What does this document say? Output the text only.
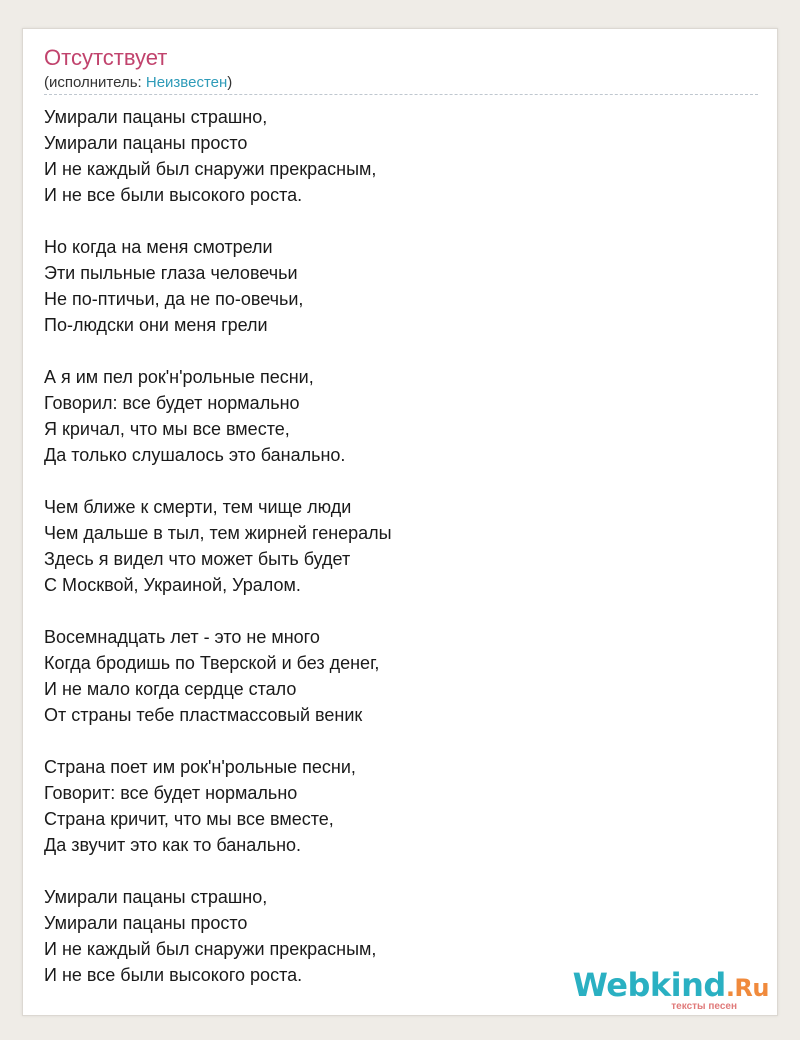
Отсутствует
(исполнитель: Неизвестен)
Умирали пацаны страшно,
Умирали пацаны просто
И не каждый был снаружи прекрасным,
И не все были высокого роста.
Но когда на меня смотрели
Эти пыльные глаза человечьи
Не по-птичьи, да не по-овечьи,
По-людски они меня грели
А я им пел рок'н'рольные песни,
Говорил: все будет нормально
Я кричал, что мы все вместе,
Да только слушалось это банально.
Чем ближе к смерти, тем чище люди
Чем дальше в тыл, тем жирней генералы
Здесь я видел что может быть будет
С Москвой, Украиной, Уралом.
Восемнадцать лет - это не много
Когда бродишь по Тверской и без денег,
И не мало когда сердце стало
От страны тебе пластмассовый веник
Страна поет им рок'н'рольные песни,
Говорит: все будет нормально
Страна кричит, что мы все вместе,
Да звучит это как то банально.
Умирали пацаны страшно,
Умирали пацаны просто
И не каждый был снаружи прекрасным,
И не все были высокого роста.	Webkind.Ru
тексты песен
